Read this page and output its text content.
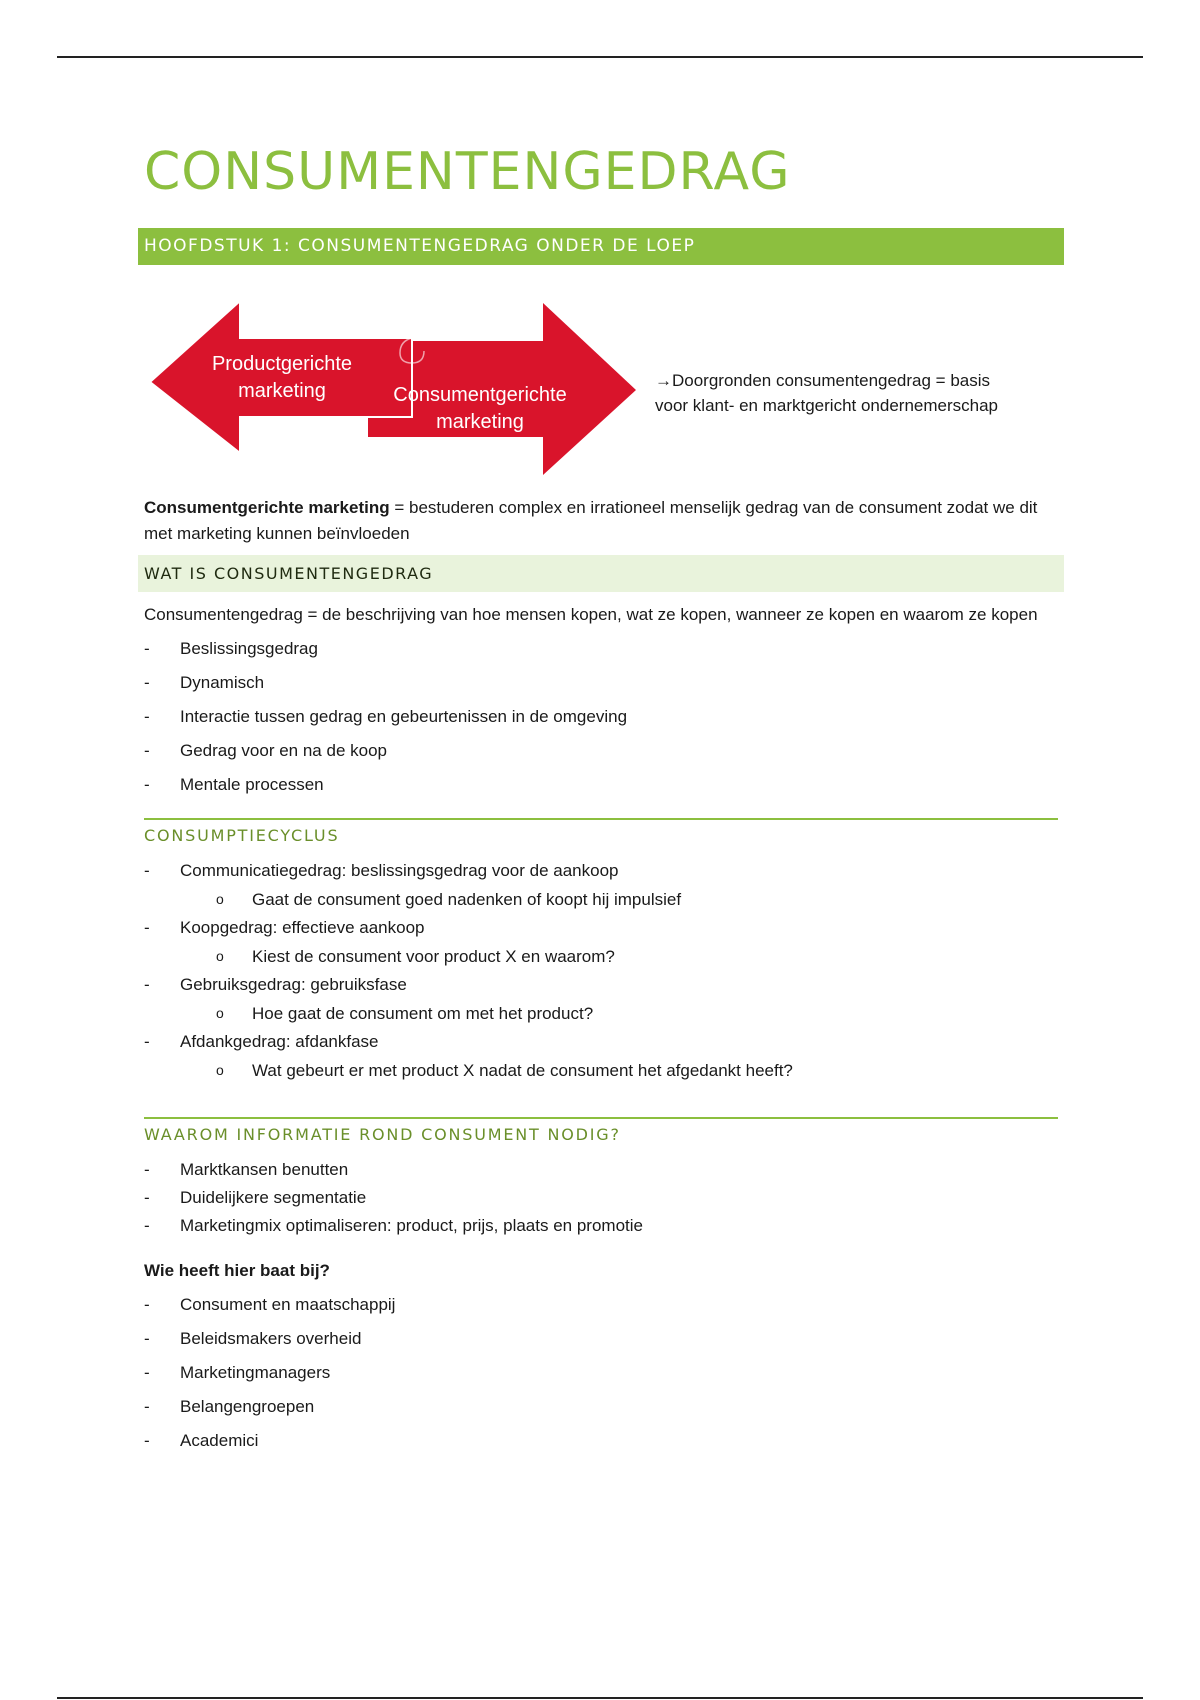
CONSUMENTENGEDRAG
HOOFDSTUK 1: CONSUMENTENGEDRAG ONDER DE LOEP
Productgerichte
marketing	Consumentgerichte
marketing
→Doorgronden consumentengedrag = basis
voor klant- en marktgericht ondernemerschap

Consumentgerichte marketing = bestuderen complex en irrationeel menselijk gedrag van de consument zodat we dit met marketing kunnen beïnvloeden

WAT IS CONSUMENTENGEDRAG

Consumentengedrag = de beschrijving van hoe mensen kopen, wat ze kopen, wanneer ze kopen en waarom ze kopen

- Beslissingsgedrag
- Dynamisch
- Interactie tussen gedrag en gebeurtenissen in de omgeving
- Gedrag voor en na de koop
- Mentale processen
CONSUMPTIECYCLUS
- Communicatiegedrag: beslissingsgedrag voor de aankoop
o Gaat de consument goed nadenken of koopt hij impulsief
- Koopgedrag: effectieve aankoop
o Kiest de consument voor product X en waarom?
- Gebruiksgedrag: gebruiksfase
o Hoe gaat de consument om met het product?
- Afdankgedrag: afdankfase
o Wat gebeurt er met product X nadat de consument het afgedankt heeft?
WAAROM INFORMATIE ROND CONSUMENT NODIG?
- Marktkansen benutten
- Duidelijkere segmentatie
- Marketingmix optimaliseren: product, prijs, plaats en promotie

Wie heeft hier baat bij?

- Consument en maatschappij
- Beleidsmakers overheid
- Marketingmanagers
- Belangengroepen
- Academici
